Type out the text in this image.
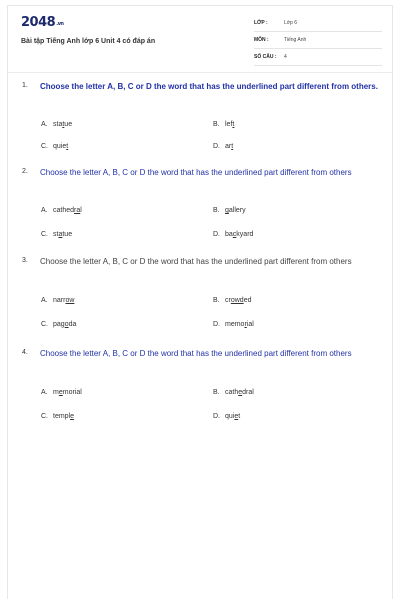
2048.vn
Bài tập Tiếng Anh lớp 6 Unit 4 có đáp án
LỚP :	Lớp 6
MÔN :	Tiếng Anh
SỐ CÂU :	4
1. Choose the letter A, B, C or D the word that has the underlined part different from others.
A. statue	B. left
C. quiet	D. art
2. Choose the letter A, B, C or D the word that has the underlined part different from others
A. cathedral	B. gallery
C. statue	D. backyard
3. Choose the letter A, B, C or D the word that has the underlined part different from others
A. narrow	B. crowded
C. pagoda	D. memorial
4. Choose the letter A, B, C or D the word that has the underlined part different from others
A. memorial	B. cathedral
C. temple	D. quiet
